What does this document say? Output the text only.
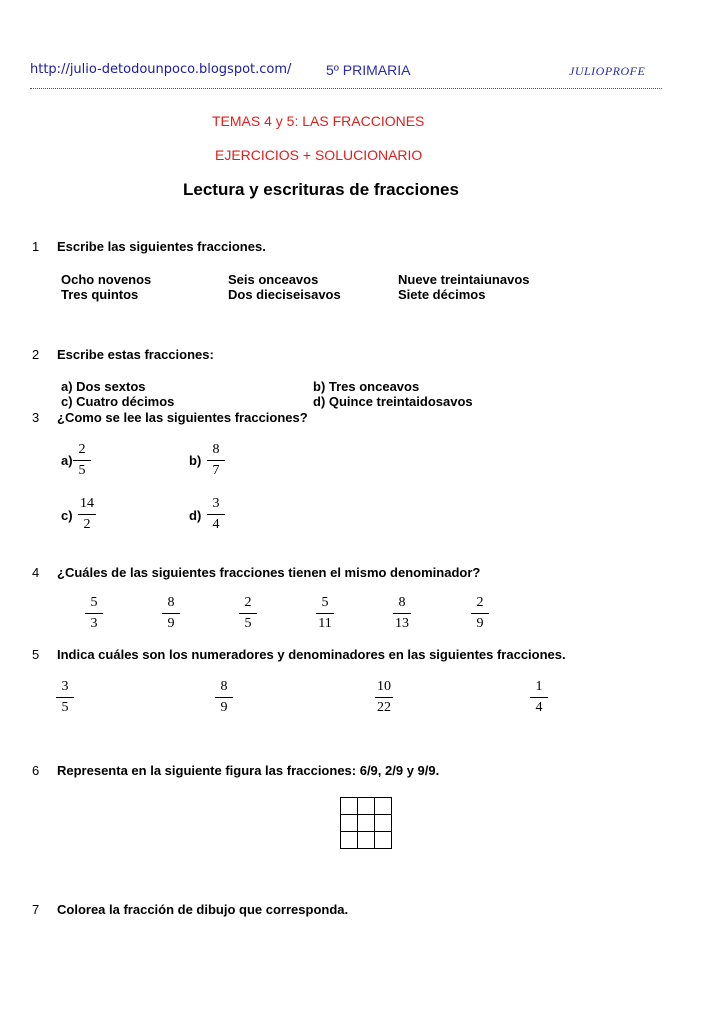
http://julio-detodounpoco.blogspot.com/ 5º PRIMARIA	JULIOPROFE
TEMAS 4 y 5: LAS FRACCIONES
EJERCICIOS + SOLUCIONARIO
Lectura y escrituras de fracciones
1 Escribe las siguientes fracciones.
Ocho novenos	Seis onceavos	Nueve treintaiunavos
Tres quintos	Dos dieciseisavos	Siete décimos
2 Escribe estas fracciones:
a) Dos sextos	b) Tres onceavos
c) Cuatro décimos	d) Quince treintaidosavos
3 ¿Como se lee las siguientes fracciones?
a)
2
5
b)
8
7
c)
14
2
d)
3
4
4 ¿Cuáles de las siguientes fracciones tienen el mismo denominador?
5
3
8
9
2
5
5
11
8
13
2
9
5 Indica cuáles son los numeradores y denominadores en las siguientes fracciones.
3
5
8
9
10
22
1
4
6 Representa en la siguiente figura las fracciones: 6/9, 2/9 y 9/9.

7 Colorea la fracción de dibujo que corresponda.
